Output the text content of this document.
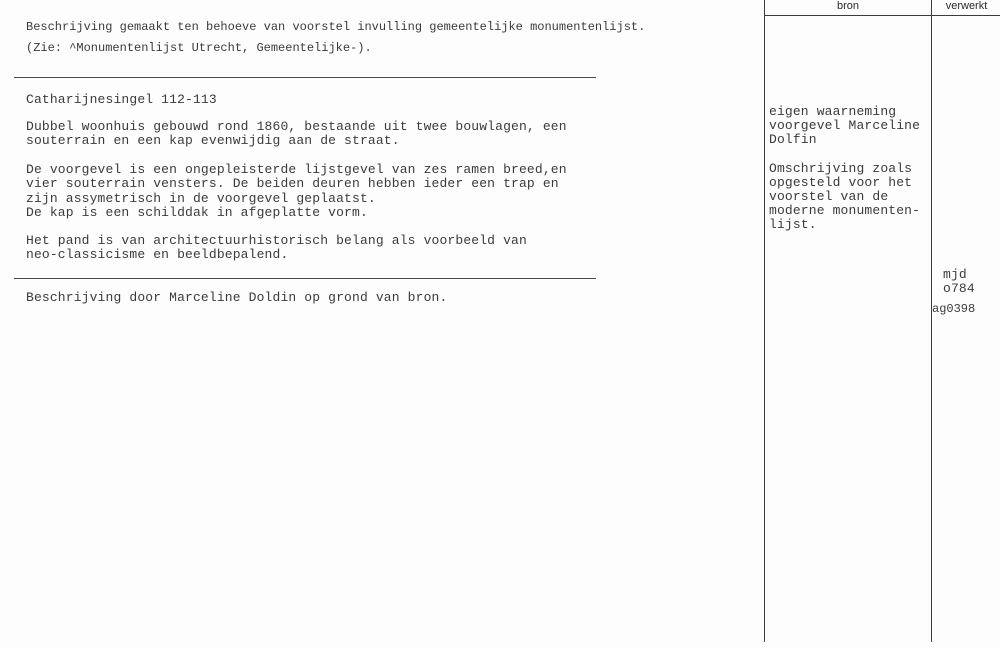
Beschrijving gemaakt ten behoeve van voorstel invulling gemeentelijke monumentenlijst.
(Zie: ^Monumentenlijst Utrecht, Gemeentelijke-).
Catharijnesingel 112-113
Dubbel woonhuis gebouwd rond 1860, bestaande uit twee bouwlagen, een
souterrain en een kap evenwijdig aan de straat.
De voorgevel is een ongepleisterde lijstgevel van zes ramen breed,en
vier souterrain vensters. De beiden deuren hebben ieder een trap en
zijn assymetrisch in de voorgevel geplaatst.
De kap is een schilddak in afgeplatte vorm.
Het pand is van architectuurhistorisch belang als voorbeeld van
neo-classicisme en beeldbepalend.
Beschrijving door Marceline Doldin op grond van bron.
bron	verwerkt
eigen waarneming
voorgevel Marceline
Dolfin
Omschrijving zoals
opgesteld voor het
voorstel van de
moderne monumenten-
lijst.
mjd
o784
ag0398
